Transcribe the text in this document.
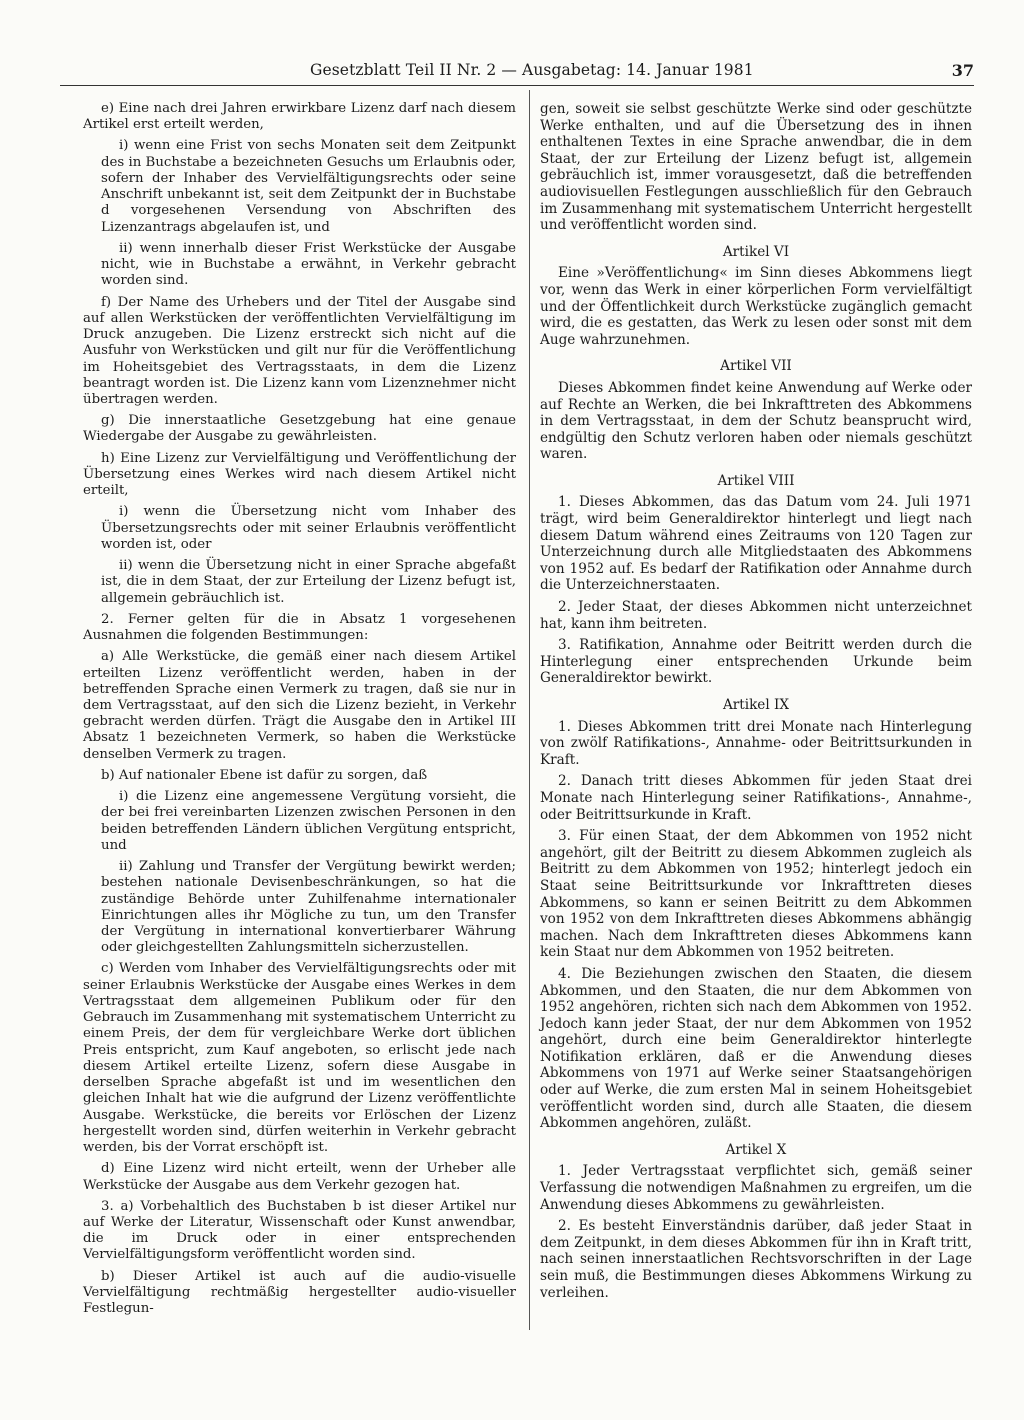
Gesetzblatt Teil II Nr. 2 — Ausgabetag: 14. Januar 1981	37
e) Eine nach drei Jahren erwirkbare Lizenz darf nach diesem Artikel erst erteilt werden,
i) wenn eine Frist von sechs Monaten seit dem Zeitpunkt des in Buchstabe a bezeichneten Gesuchs um Erlaubnis oder, sofern der Inhaber des Vervielfältigungsrechts oder seine Anschrift unbekannt ist, seit dem Zeitpunkt der in Buchstabe d vorgesehenen Versendung von Abschriften des Lizenzantrags abgelaufen ist, und
ii) wenn innerhalb dieser Frist Werkstücke der Ausgabe nicht, wie in Buchstabe a erwähnt, in Verkehr gebracht worden sind.
f) Der Name des Urhebers und der Titel der Ausgabe sind auf allen Werkstücken der veröffentlichten Vervielfältigung im Druck anzugeben. Die Lizenz erstreckt sich nicht auf die Ausfuhr von Werkstücken und gilt nur für die Veröffentlichung im Hoheitsgebiet des Vertragsstaats, in dem die Lizenz beantragt worden ist. Die Lizenz kann vom Lizenznehmer nicht übertragen werden.
g) Die innerstaatliche Gesetzgebung hat eine genaue Wiedergabe der Ausgabe zu gewährleisten.
h) Eine Lizenz zur Vervielfältigung und Veröffentlichung der Übersetzung eines Werkes wird nach diesem Artikel nicht erteilt,
i) wenn die Übersetzung nicht vom Inhaber des Übersetzungsrechts oder mit seiner Erlaubnis veröffentlicht worden ist, oder
ii) wenn die Übersetzung nicht in einer Sprache abgefaßt ist, die in dem Staat, der zur Erteilung der Lizenz befugt ist, allgemein gebräuchlich ist.
2. Ferner gelten für die in Absatz 1 vorgesehenen Ausnahmen die folgenden Bestimmungen:
a) Alle Werkstücke, die gemäß einer nach diesem Artikel erteilten Lizenz veröffentlicht werden, haben in der betreffenden Sprache einen Vermerk zu tragen, daß sie nur in dem Vertragsstaat, auf den sich die Lizenz bezieht, in Verkehr gebracht werden dürfen. Trägt die Ausgabe den in Artikel III Absatz 1 bezeichneten Vermerk, so haben die Werkstücke denselben Vermerk zu tragen.
b) Auf nationaler Ebene ist dafür zu sorgen, daß
i) die Lizenz eine angemessene Vergütung vorsieht, die der bei frei vereinbarten Lizenzen zwischen Personen in den beiden betreffenden Ländern üblichen Vergütung entspricht, und
ii) Zahlung und Transfer der Vergütung bewirkt werden; bestehen nationale Devisenbeschränkungen, so hat die zuständige Behörde unter Zuhilfenahme internationaler Einrichtungen alles ihr Mögliche zu tun, um den Transfer der Vergütung in international konvertierbarer Währung oder gleichgestellten Zahlungsmitteln sicherzustellen.
c) Werden vom Inhaber des Vervielfältigungsrechts oder mit seiner Erlaubnis Werkstücke der Ausgabe eines Werkes in dem Vertragsstaat dem allgemeinen Publikum oder für den Gebrauch im Zusammenhang mit systematischem Unterricht zu einem Preis, der dem für vergleichbare Werke dort üblichen Preis entspricht, zum Kauf angeboten, so erlischt jede nach diesem Artikel erteilte Lizenz, sofern diese Ausgabe in derselben Sprache abgefaßt ist und im wesentlichen den gleichen Inhalt hat wie die aufgrund der Lizenz veröffentlichte Ausgabe. Werkstücke, die bereits vor Erlöschen der Lizenz hergestellt worden sind, dürfen weiterhin in Verkehr gebracht werden, bis der Vorrat erschöpft ist.
d) Eine Lizenz wird nicht erteilt, wenn der Urheber alle Werkstücke der Ausgabe aus dem Verkehr gezogen hat.
3. a) Vorbehaltlich des Buchstaben b ist dieser Artikel nur auf Werke der Literatur, Wissenschaft oder Kunst anwendbar, die im Druck oder in einer entsprechenden Vervielfältigungsform veröffentlicht worden sind.
b) Dieser Artikel ist auch auf die audio-visuelle Vervielfältigung rechtmäßig hergestellter audio-visueller Festlegun-
gen, soweit sie selbst geschützte Werke sind oder geschützte Werke enthalten, und auf die Übersetzung des in ihnen enthaltenen Textes in eine Sprache anwendbar, die in dem Staat, der zur Erteilung der Lizenz befugt ist, allgemein gebräuchlich ist, immer vorausgesetzt, daß die betreffenden audiovisuellen Festlegungen ausschließlich für den Gebrauch im Zusammenhang mit systematischem Unterricht hergestellt und veröffentlicht worden sind.
Artikel VI
Eine »Veröffentlichung« im Sinn dieses Abkommens liegt vor, wenn das Werk in einer körperlichen Form vervielfältigt und der Öffentlichkeit durch Werkstücke zugänglich gemacht wird, die es gestatten, das Werk zu lesen oder sonst mit dem Auge wahrzunehmen.
Artikel VII
Dieses Abkommen findet keine Anwendung auf Werke oder auf Rechte an Werken, die bei Inkrafttreten des Abkommens in dem Vertragsstaat, in dem der Schutz beansprucht wird, endgültig den Schutz verloren haben oder niemals geschützt waren.
Artikel VIII
1. Dieses Abkommen, das das Datum vom 24. Juli 1971 trägt, wird beim Generaldirektor hinterlegt und liegt nach diesem Datum während eines Zeitraums von 120 Tagen zur Unterzeichnung durch alle Mitgliedstaaten des Abkommens von 1952 auf. Es bedarf der Ratifikation oder Annahme durch die Unterzeichnerstaaten.
2. Jeder Staat, der dieses Abkommen nicht unterzeichnet hat, kann ihm beitreten.
3. Ratifikation, Annahme oder Beitritt werden durch die Hinterlegung einer entsprechenden Urkunde beim Generaldirektor bewirkt.
Artikel IX
1. Dieses Abkommen tritt drei Monate nach Hinterlegung von zwölf Ratifikations-, Annahme- oder Beitrittsurkunden in Kraft.
2. Danach tritt dieses Abkommen für jeden Staat drei Monate nach Hinterlegung seiner Ratifikations-, Annahme-, oder Beitrittsurkunde in Kraft.
3. Für einen Staat, der dem Abkommen von 1952 nicht angehört, gilt der Beitritt zu diesem Abkommen zugleich als Beitritt zu dem Abkommen von 1952; hinterlegt jedoch ein Staat seine Beitrittsurkunde vor Inkrafttreten dieses Abkommens, so kann er seinen Beitritt zu dem Abkommen von 1952 von dem Inkrafttreten dieses Abkommens abhängig machen. Nach dem Inkrafttreten dieses Abkommens kann kein Staat nur dem Abkommen von 1952 beitreten.
4. Die Beziehungen zwischen den Staaten, die diesem Abkommen, und den Staaten, die nur dem Abkommen von 1952 angehören, richten sich nach dem Abkommen von 1952. Jedoch kann jeder Staat, der nur dem Abkommen von 1952 angehört, durch eine beim Generaldirektor hinterlegte Notifikation erklären, daß er die Anwendung dieses Abkommens von 1971 auf Werke seiner Staatsangehörigen oder auf Werke, die zum ersten Mal in seinem Hoheitsgebiet veröffentlicht worden sind, durch alle Staaten, die diesem Abkommen angehören, zuläßt.
Artikel X
1. Jeder Vertragsstaat verpflichtet sich, gemäß seiner Verfassung die notwendigen Maßnahmen zu ergreifen, um die Anwendung dieses Abkommens zu gewährleisten.
2. Es besteht Einverständnis darüber, daß jeder Staat in dem Zeitpunkt, in dem dieses Abkommen für ihn in Kraft tritt, nach seinen innerstaatlichen Rechtsvorschriften in der Lage sein muß, die Bestimmungen dieses Abkommens Wirkung zu verleihen.
